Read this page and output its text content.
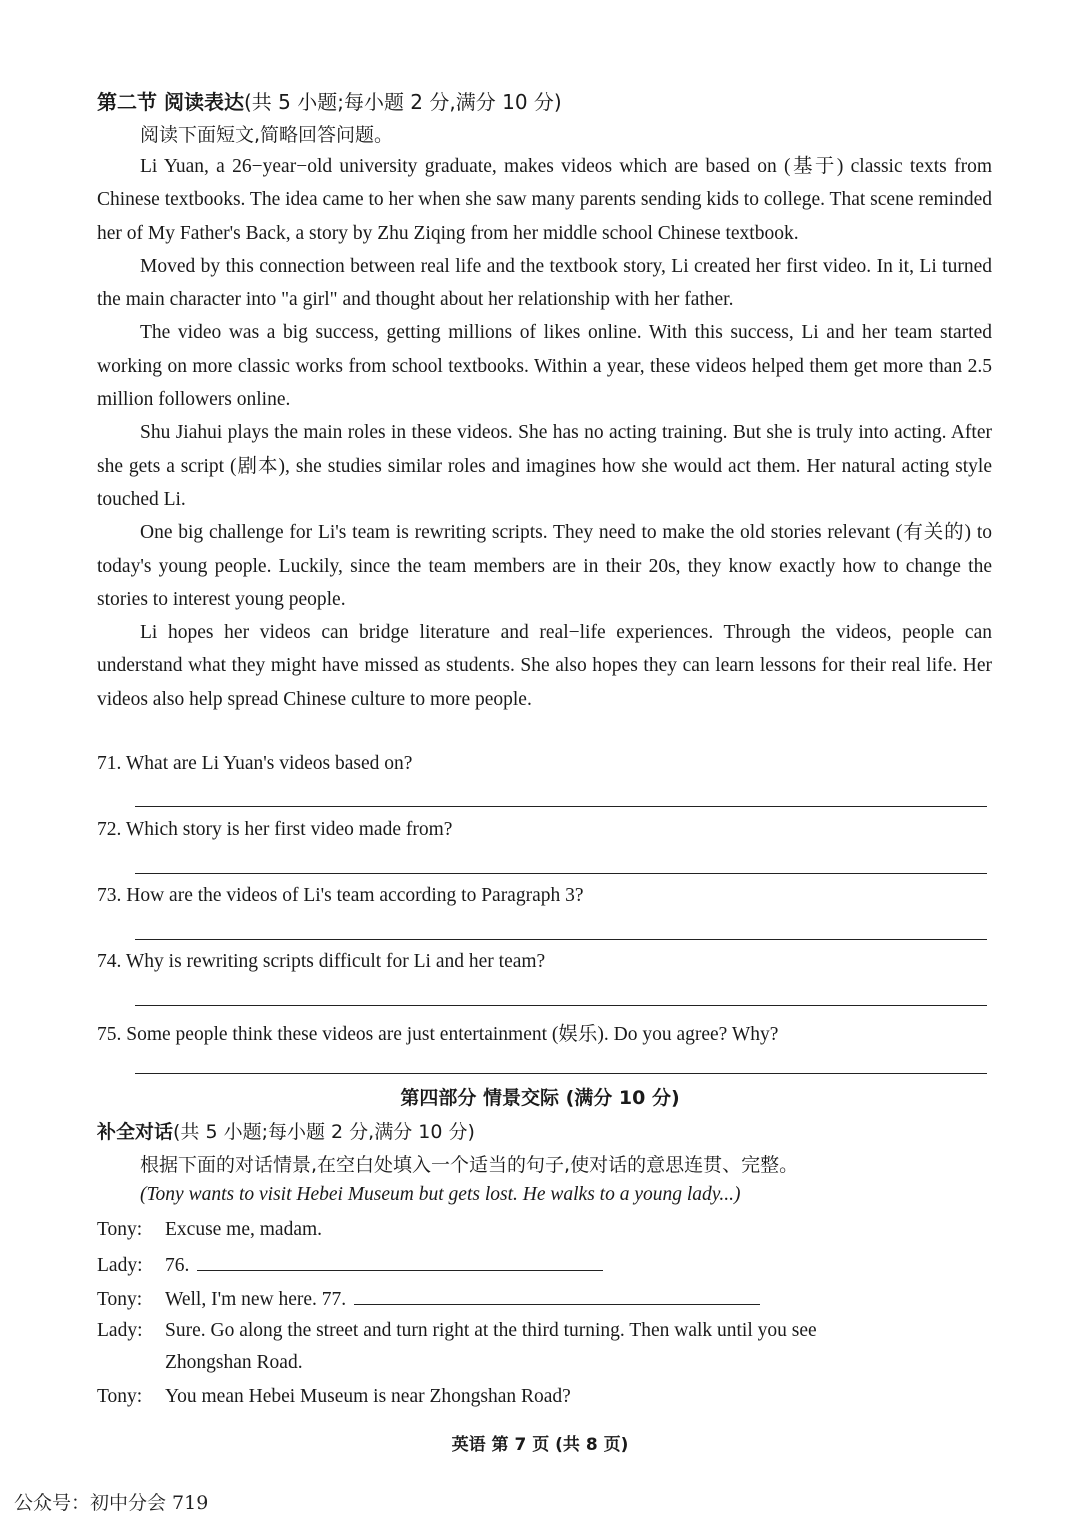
第二节 阅读表达(共 5 小题;每小题 2 分,满分 10 分)
阅读下面短文,简略回答问题。

Li Yuan, a 26−year−old university graduate, makes videos which are based on (基于) classic texts from Chinese textbooks. The idea came to her when she saw many parents sending kids to college. That scene reminded her of My Father's Back, a story by Zhu Ziqing from her middle school Chinese textbook.

Moved by this connection between real life and the textbook story, Li created her first video. In it, Li turned the main character into "a girl" and thought about her relationship with her father.

The video was a big success, getting millions of likes online. With this success, Li and her team started working on more classic works from school textbooks. Within a year, these videos helped them get more than 2.5 million followers online.

Shu Jiahui plays the main roles in these videos. She has no acting training. But she is truly into acting. After she gets a script (剧本), she studies similar roles and imagines how she would act them. Her natural acting style touched Li.

One big challenge for Li's team is rewriting scripts. They need to make the old stories relevant (有关的) to today's young people. Luckily, since the team members are in their 20s, they know exactly how to change the stories to interest young people.

Li hopes her videos can bridge literature and real−life experiences. Through the videos, people can understand what they might have missed as students. She also hopes they can learn lessons for their real life. Her videos also help spread Chinese culture to more people.

71. What are Li Yuan's videos based on?
72. Which story is her first video made from?
73. How are the videos of Li's team according to Paragraph 3?
74. Why is rewriting scripts difficult for Li and her team?
75. Some people think these videos are just entertainment (娱乐). Do you agree? Why?
第四部分 情景交际 (满分 10 分)
补全对话(共 5 小题;每小题 2 分,满分 10 分)
根据下面的对话情景,在空白处填入一个适当的句子,使对话的意思连贯、完整。
(Tony wants to visit Hebei Museum but gets lost. He walks to a young lady...)
Tony: Excuse me, madam.
Lady: 76.
Tony: Well, I'm new here. 77.
Lady: Sure. Go along the street and turn right at the third turning. Then walk until you see
Zhongshan Road.
Tony: You mean Hebei Museum is near Zhongshan Road?
英语 第 7 页 (共 8 页)
公众号：初中分会 719
